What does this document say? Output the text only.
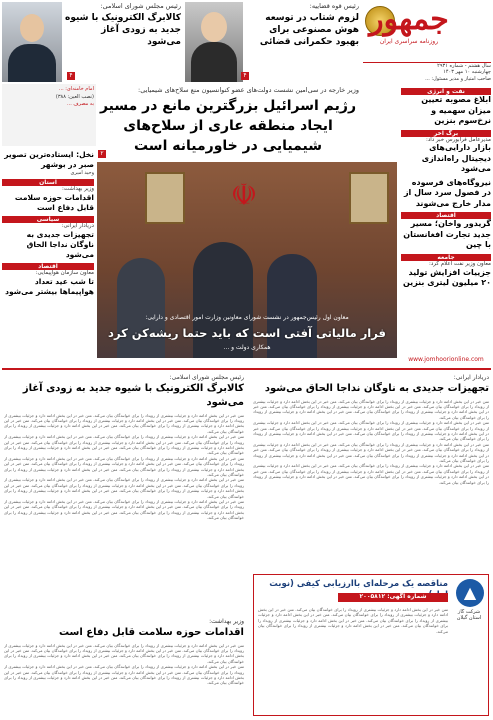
جمهور
روزنامه سراسری ایران
سال هشتم - شماره ۲۹۳۱
چهارشنبه ۱۰ مهر ۱۴۰۳
صاحب امتیاز و مدیر مسئول: ...
رئیس قوه قضاییه:
لزوم شتاب در توسعه هوش مصنوعی برای بهبود حکمرانی قضائی
رئیس مجلس شورای اسلامی:
کالابرگ الکترونیک با شیوه جدید به زودی آغاز می‌شود
۴
۴
امام خامنه‌ای: ...
(نصب العین: ۳۸۸)
به مصرف ...
وزیر خارجه در سی‌امین نشست دولت‌های عضو کنوانسیون منع سلاح‌های شیمیایی:
رژیم اسرائیل بزرگترین مانع در مسیر ایجاد منطقه عاری از سلاح‌های شیمیایی در خاورمیانه است
۲
☫
معاون اول رئیس‌جمهور در نشست شورای معاونین وزارت امور اقتصادی و دارایی:
فرار مالیاتی آفتی است که باید حتما ریشه‌کن کرد
همکاری دولت و ...
نخل: ایستاده‌ترین تصویر صبر در بوشهر
وحید امیری
استان
وزیر بهداشت:
اقدامات حوزه سلامت قابل دفاع است
سیاسی
دریادار ایرانی:
تجهیزات جدیدی به ناوگان نداجا الحاق می‌شود
اقتصاد
معاون سازمان هواپیمایی:
تا شب عید تعداد هواپیماها بیشتر می‌شود
نفت و انرژی
ابلاغ مصوبه تعیین میزان سهمیه و نرخ‌سوم بنزین
برگ آخر
مدیرعامل فرابورس خبر داد:
بازار دارایی‌های دیجیتال راه‌اندازی می‌شود
نیروگاه‌های فرسوده در فصول سرد سال از مدار خارج می‌شوند
اقتصاد
گریدور واخان؛ مسیر جدید تجارت افغانستان با چین
جامعه
معاون وزیر نفت اعلام کرد:
جزییات افزایش تولید ۲۰ میلیون لیتری بنزین
www.jomhoorionline.com
دریادار ایرانی:
تجهیزات جدیدی به ناوگان نداجا الحاق می‌شود
متن خبر در این بخش ادامه دارد و جزئیات بیشتری از رویداد را برای خوانندگان بیان می‌کند. متن خبر در این بخش ادامه دارد و جزئیات بیشتری از رویداد را برای خوانندگان بیان می‌کند. متن خبر در این بخش ادامه دارد و جزئیات بیشتری از رویداد را برای خوانندگان بیان می‌کند. متن خبر در این بخش ادامه دارد و جزئیات بیشتری از رویداد را برای خوانندگان بیان می‌کند. متن خبر در این بخش ادامه دارد و جزئیات بیشتری از رویداد را برای خوانندگان بیان می‌کند.
متن خبر در این بخش ادامه دارد و جزئیات بیشتری از رویداد را برای خوانندگان بیان می‌کند. متن خبر در این بخش ادامه دارد و جزئیات بیشتری از رویداد را برای خوانندگان بیان می‌کند. متن خبر در این بخش ادامه دارد و جزئیات بیشتری از رویداد را برای خوانندگان بیان می‌کند. متن خبر در این بخش ادامه دارد و جزئیات بیشتری از رویداد را برای خوانندگان بیان می‌کند. متن خبر در این بخش ادامه دارد و جزئیات بیشتری از رویداد را برای خوانندگان بیان می‌کند.
متن خبر در این بخش ادامه دارد و جزئیات بیشتری از رویداد را برای خوانندگان بیان می‌کند. متن خبر در این بخش ادامه دارد و جزئیات بیشتری از رویداد را برای خوانندگان بیان می‌کند. متن خبر در این بخش ادامه دارد و جزئیات بیشتری از رویداد را برای خوانندگان بیان می‌کند. متن خبر در این بخش ادامه دارد و جزئیات بیشتری از رویداد را برای خوانندگان بیان می‌کند. متن خبر در این بخش ادامه دارد و جزئیات بیشتری از رویداد را برای خوانندگان بیان می‌کند.
متن خبر در این بخش ادامه دارد و جزئیات بیشتری از رویداد را برای خوانندگان بیان می‌کند. متن خبر در این بخش ادامه دارد و جزئیات بیشتری از رویداد را برای خوانندگان بیان می‌کند. متن خبر در این بخش ادامه دارد و جزئیات بیشتری از رویداد را برای خوانندگان بیان می‌کند. متن خبر در این بخش ادامه دارد و جزئیات بیشتری از رویداد را برای خوانندگان بیان می‌کند. متن خبر در این بخش ادامه دارد و جزئیات بیشتری از رویداد را برای خوانندگان بیان می‌کند.
رئیس مجلس شورای اسلامی:
کالابرگ الکترونیک با شیوه جدید به زودی آغاز می‌شود
متن خبر در این بخش ادامه دارد و جزئیات بیشتری از رویداد را برای خوانندگان بیان می‌کند. متن خبر در این بخش ادامه دارد و جزئیات بیشتری از رویداد را برای خوانندگان بیان می‌کند. متن خبر در این بخش ادامه دارد و جزئیات بیشتری از رویداد را برای خوانندگان بیان می‌کند. متن خبر در این بخش ادامه دارد و جزئیات بیشتری از رویداد را برای خوانندگان بیان می‌کند. متن خبر در این بخش ادامه دارد و جزئیات بیشتری از رویداد را برای خوانندگان بیان می‌کند.
متن خبر در این بخش ادامه دارد و جزئیات بیشتری از رویداد را برای خوانندگان بیان می‌کند. متن خبر در این بخش ادامه دارد و جزئیات بیشتری از رویداد را برای خوانندگان بیان می‌کند. متن خبر در این بخش ادامه دارد و جزئیات بیشتری از رویداد را برای خوانندگان بیان می‌کند. متن خبر در این بخش ادامه دارد و جزئیات بیشتری از رویداد را برای خوانندگان بیان می‌کند. متن خبر در این بخش ادامه دارد و جزئیات بیشتری از رویداد را برای خوانندگان بیان می‌کند.
متن خبر در این بخش ادامه دارد و جزئیات بیشتری از رویداد را برای خوانندگان بیان می‌کند. متن خبر در این بخش ادامه دارد و جزئیات بیشتری از رویداد را برای خوانندگان بیان می‌کند. متن خبر در این بخش ادامه دارد و جزئیات بیشتری از رویداد را برای خوانندگان بیان می‌کند. متن خبر در این بخش ادامه دارد و جزئیات بیشتری از رویداد را برای خوانندگان بیان می‌کند. متن خبر در این بخش ادامه دارد و جزئیات بیشتری از رویداد را برای خوانندگان بیان می‌کند.
متن خبر در این بخش ادامه دارد و جزئیات بیشتری از رویداد را برای خوانندگان بیان می‌کند. متن خبر در این بخش ادامه دارد و جزئیات بیشتری از رویداد را برای خوانندگان بیان می‌کند. متن خبر در این بخش ادامه دارد و جزئیات بیشتری از رویداد را برای خوانندگان بیان می‌کند. متن خبر در این بخش ادامه دارد و جزئیات بیشتری از رویداد را برای خوانندگان بیان می‌کند. متن خبر در این بخش ادامه دارد و جزئیات بیشتری از رویداد را برای خوانندگان بیان می‌کند.
متن خبر در این بخش ادامه دارد و جزئیات بیشتری از رویداد را برای خوانندگان بیان می‌کند. متن خبر در این بخش ادامه دارد و جزئیات بیشتری از رویداد را برای خوانندگان بیان می‌کند. متن خبر در این بخش ادامه دارد و جزئیات بیشتری از رویداد را برای خوانندگان بیان می‌کند. متن خبر در این بخش ادامه دارد و جزئیات بیشتری از رویداد را برای خوانندگان بیان می‌کند. متن خبر در این بخش ادامه دارد و جزئیات بیشتری از رویداد را برای خوانندگان بیان می‌کند.
▲
شرکت گاز استان گیلان
مناقصه یک مرحله‌ای باارزیابی کیفی (نوبت
شماره آگهی: ۲۰۰۵۸۱۲
متن خبر در این بخش ادامه دارد و جزئیات بیشتری از رویداد را برای خوانندگان بیان می‌کند. متن خبر در این بخش ادامه دارد و جزئیات بیشتری از رویداد را برای خوانندگان بیان می‌کند. متن خبر در این بخش ادامه دارد و جزئیات بیشتری از رویداد را برای خوانندگان بیان می‌کند. متن خبر در این بخش ادامه دارد و جزئیات بیشتری از رویداد را برای خوانندگان بیان می‌کند. متن خبر در این بخش ادامه دارد و جزئیات بیشتری از رویداد را برای خوانندگان بیان می‌کند.
وزیر بهداشت:
اقدامات حوزه سلامت قابل دفاع است
متن خبر در این بخش ادامه دارد و جزئیات بیشتری از رویداد را برای خوانندگان بیان می‌کند. متن خبر در این بخش ادامه دارد و جزئیات بیشتری از رویداد را برای خوانندگان بیان می‌کند. متن خبر در این بخش ادامه دارد و جزئیات بیشتری از رویداد را برای خوانندگان بیان می‌کند. متن خبر در این بخش ادامه دارد و جزئیات بیشتری از رویداد را برای خوانندگان بیان می‌کند. متن خبر در این بخش ادامه دارد و جزئیات بیشتری از رویداد را برای خوانندگان بیان می‌کند.
متن خبر در این بخش ادامه دارد و جزئیات بیشتری از رویداد را برای خوانندگان بیان می‌کند. متن خبر در این بخش ادامه دارد و جزئیات بیشتری از رویداد را برای خوانندگان بیان می‌کند. متن خبر در این بخش ادامه دارد و جزئیات بیشتری از رویداد را برای خوانندگان بیان می‌کند. متن خبر در این بخش ادامه دارد و جزئیات بیشتری از رویداد را برای خوانندگان بیان می‌کند. متن خبر در این بخش ادامه دارد و جزئیات بیشتری از رویداد را برای خوانندگان بیان می‌کند.
